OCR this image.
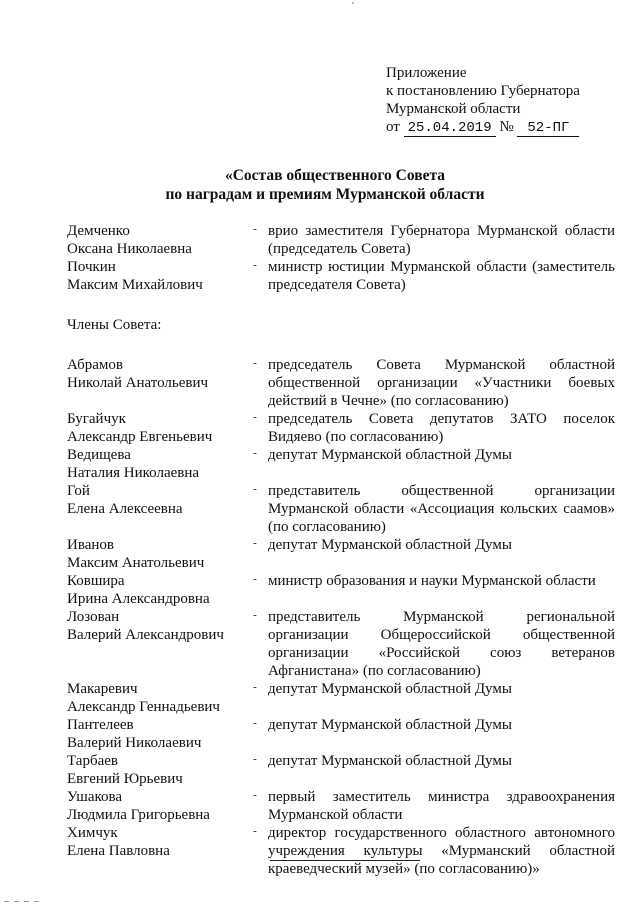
Приложение
к постановлению Губернатора
Мурманской области
от 25.04.2019 № 52-ПГ
«Состав общественного Совета
по наградам и премиям Мурманской области
Демченко
Оксана Николаевна
- врио заместителя Губернатора Мурманской области (председатель Совета)
Почкин
Максим Михайлович
- министр юстиции Мурманской области (заместитель председателя Совета)
Члены Совета:
Абрамов
Николай Анатольевич
- председатель Совета Мурманской областной общественной организации «Участники боевых действий в Чечне» (по согласованию)
Бугайчук
Александр Евгеньевич
- председатель Совета депутатов ЗАТО поселок Видяево (по согласованию)
Ведищева
Наталия Николаевна
- депутат Мурманской областной Думы
Гой
Елена Алексеевна
- представитель общественной организации Мурманской области «Ассоциация кольских саамов» (по согласованию)
Иванов
Максим Анатольевич
- депутат Мурманской областной Думы
Ковшира
Ирина Александровна
- министр образования и науки Мурманской области
Лозован
Валерий Александрович
- представитель Мурманской региональной организации Общероссийской общественной организации «Российской союз ветеранов Афганистана» (по согласованию)
Макаревич
Александр Геннадьевич
- депутат Мурманской областной Думы
Пантелеев
Валерий Николаевич
- депутат Мурманской областной Думы
Тарбаев
Евгений Юрьевич
- депутат Мурманской областной Думы
Ушакова
Людмила Григорьевна
- первый заместитель министра здравоохранения Мурманской области
Химчук
Елена Павловна
- директор государственного областного автономного учреждения культуры «Мурманский областной краеведческий музей» (по согласованию)»
